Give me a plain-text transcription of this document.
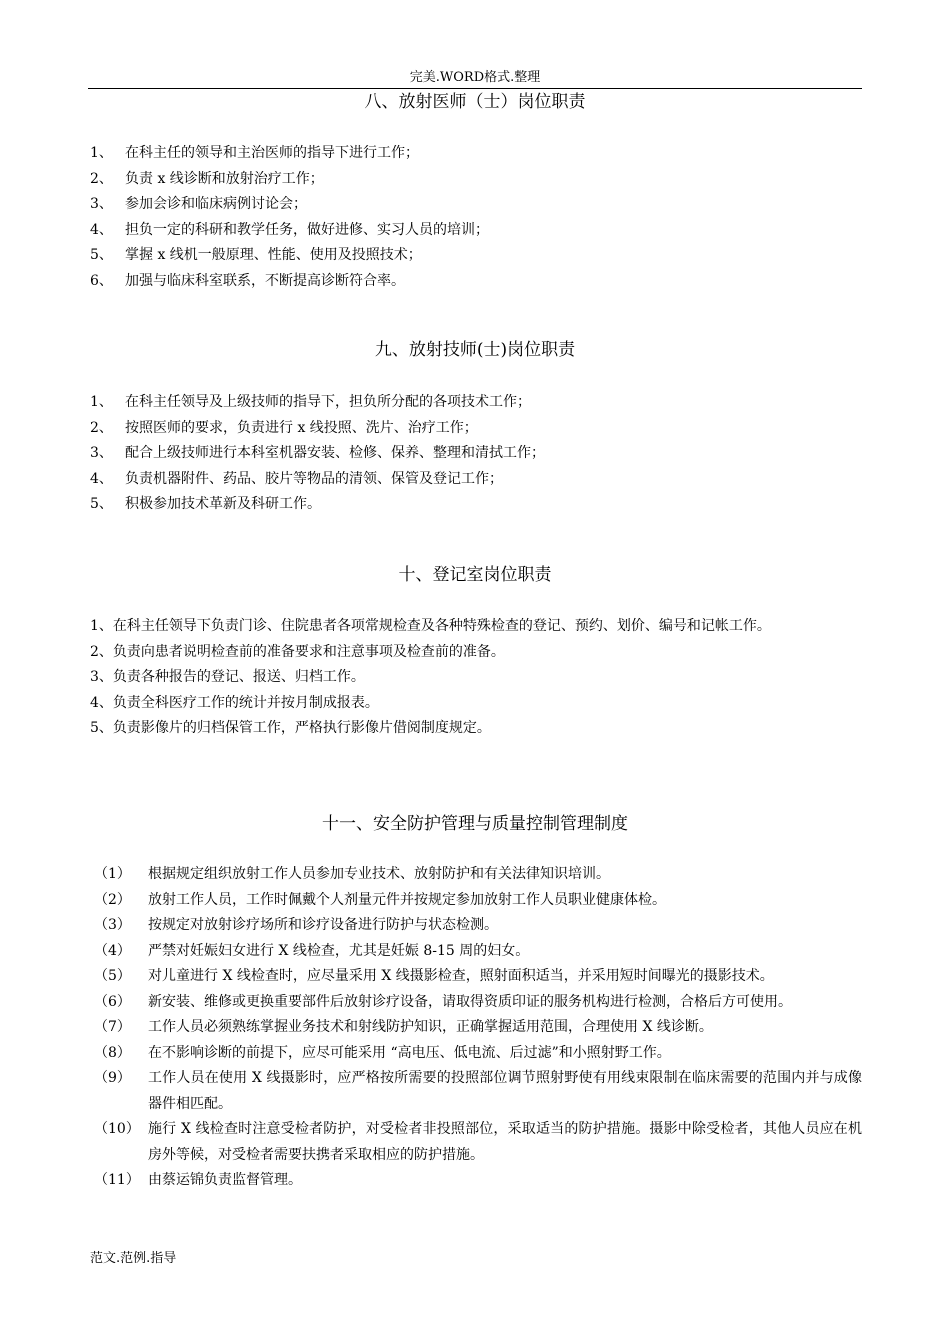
完美.WORD格式.整理
八、放射医师（士）岗位职责
1、 在科主任的领导和主治医师的指导下进行工作；
2、 负责 x 线诊断和放射治疗工作；
3、 参加会诊和临床病例讨论会；
4、 担负一定的科研和教学任务，做好进修、实习人员的培训；
5、 掌握 x 线机一般原理、性能、使用及投照技术；
6、 加强与临床科室联系，不断提高诊断符合率。
九、放射技师(士)岗位职责
1、 在科主任领导及上级技师的指导下，担负所分配的各项技术工作；
2、 按照医师的要求，负责进行 x 线投照、洗片、治疗工作；
3、 配合上级技师进行本科室机器安装、检修、保养、整理和清拭工作；
4、 负责机器附件、药品、胶片等物品的清领、保管及登记工作；
5、 积极参加技术革新及科研工作。
十、登记室岗位职责
1、在科主任领导下负责门诊、住院患者各项常规检查及各种特殊检查的登记、预约、划价、编号和记帐工作。
2、负责向患者说明检查前的准备要求和注意事项及检查前的准备。
3、负责各种报告的登记、报送、归档工作。
4、负责全科医疗工作的统计并按月制成报表。
5、负责影像片的归档保管工作，严格执行影像片借阅制度规定。
十一、安全防护管理与质量控制管理制度
（1）	根据规定组织放射工作人员参加专业技术、放射防护和有关法律知识培训。
（2）	放射工作人员，工作时佩戴个人剂量元件并按规定参加放射工作人员职业健康体检。
（3）	按规定对放射诊疗场所和诊疗设备进行防护与状态检测。
（4）	严禁对妊娠妇女进行 X 线检查，尤其是妊娠 8-15 周的妇女。
（5）	对儿童进行 X 线检查时，应尽量采用 X 线摄影检查，照射面积适当，并采用短时间曝光的摄影技术。
（6）	新安装、维修或更换重要部件后放射诊疗设备，请取得资质印证的服务机构进行检测，合格后方可使用。
（7）	工作人员必须熟练掌握业务技术和射线防护知识，正确掌握适用范围，合理使用 X 线诊断。
（8）	在不影响诊断的前提下，应尽可能采用 “高电压、低电流、后过滤”和小照射野工作。
（9）	工作人员在使用 X 线摄影时，应严格按所需要的投照部位调节照射野使有用线束限制在临床需要的范围内并与成像器件相匹配。
（10） 施行 X 线检查时注意受检者防护，对受检者非投照部位，采取适当的防护措施。摄影中除受检者，其他人员应在机房外等候，对受检者需要扶携者采取相应的防护措施。
（11） 由蔡运锦负责监督管理。
范文.范例.指导
